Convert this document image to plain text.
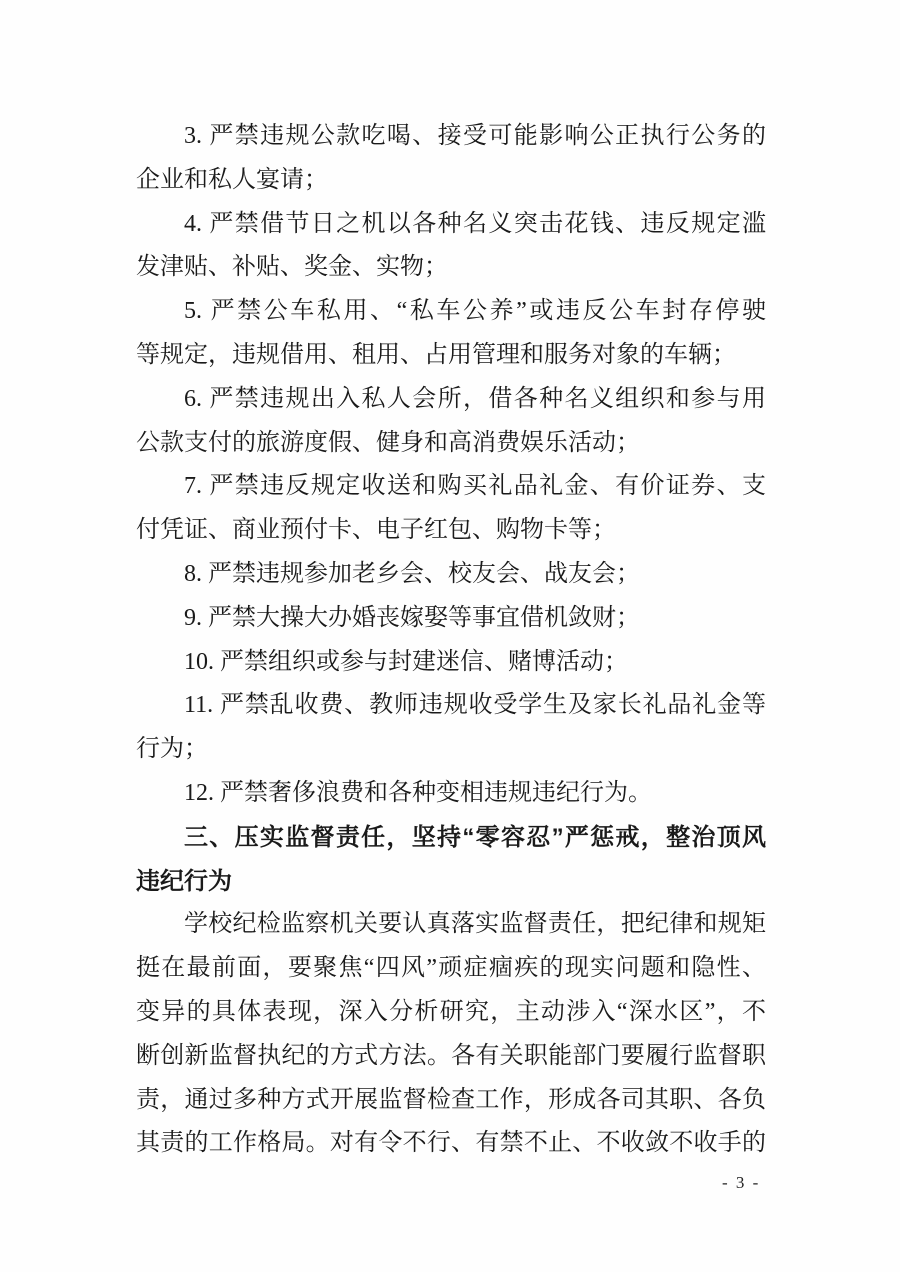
3. 严禁违规公款吃喝、接受可能影响公正执行公务的
企业和私人宴请；
4. 严禁借节日之机以各种名义突击花钱、违反规定滥
发津贴、补贴、奖金、实物；
5. 严禁公车私用、“私车公养”或违反公车封存停驶
等规定，违规借用、租用、占用管理和服务对象的车辆；
6. 严禁违规出入私人会所，借各种名义组织和参与用
公款支付的旅游度假、健身和高消费娱乐活动；
7. 严禁违反规定收送和购买礼品礼金、有价证券、支
付凭证、商业预付卡、电子红包、购物卡等；
8. 严禁违规参加老乡会、校友会、战友会；
9. 严禁大操大办婚丧嫁娶等事宜借机敛财；
10. 严禁组织或参与封建迷信、赌博活动；
11. 严禁乱收费、教师违规收受学生及家长礼品礼金等
行为；
12. 严禁奢侈浪费和各种变相违规违纪行为。
三、压实监督责任，坚持“零容忍”严惩戒，整治顶风
违纪行为
学校纪检监察机关要认真落实监督责任，把纪律和规矩
挺在最前面，要聚焦“四风”顽症痼疾的现实问题和隐性、
变异的具体表现，深入分析研究，主动涉入“深水区”，不
断创新监督执纪的方式方法。各有关职能部门要履行监督职
责，通过多种方式开展监督检查工作，形成各司其职、各负
其责的工作格局。对有令不行、有禁不止、不收敛不收手的
- 3 -
